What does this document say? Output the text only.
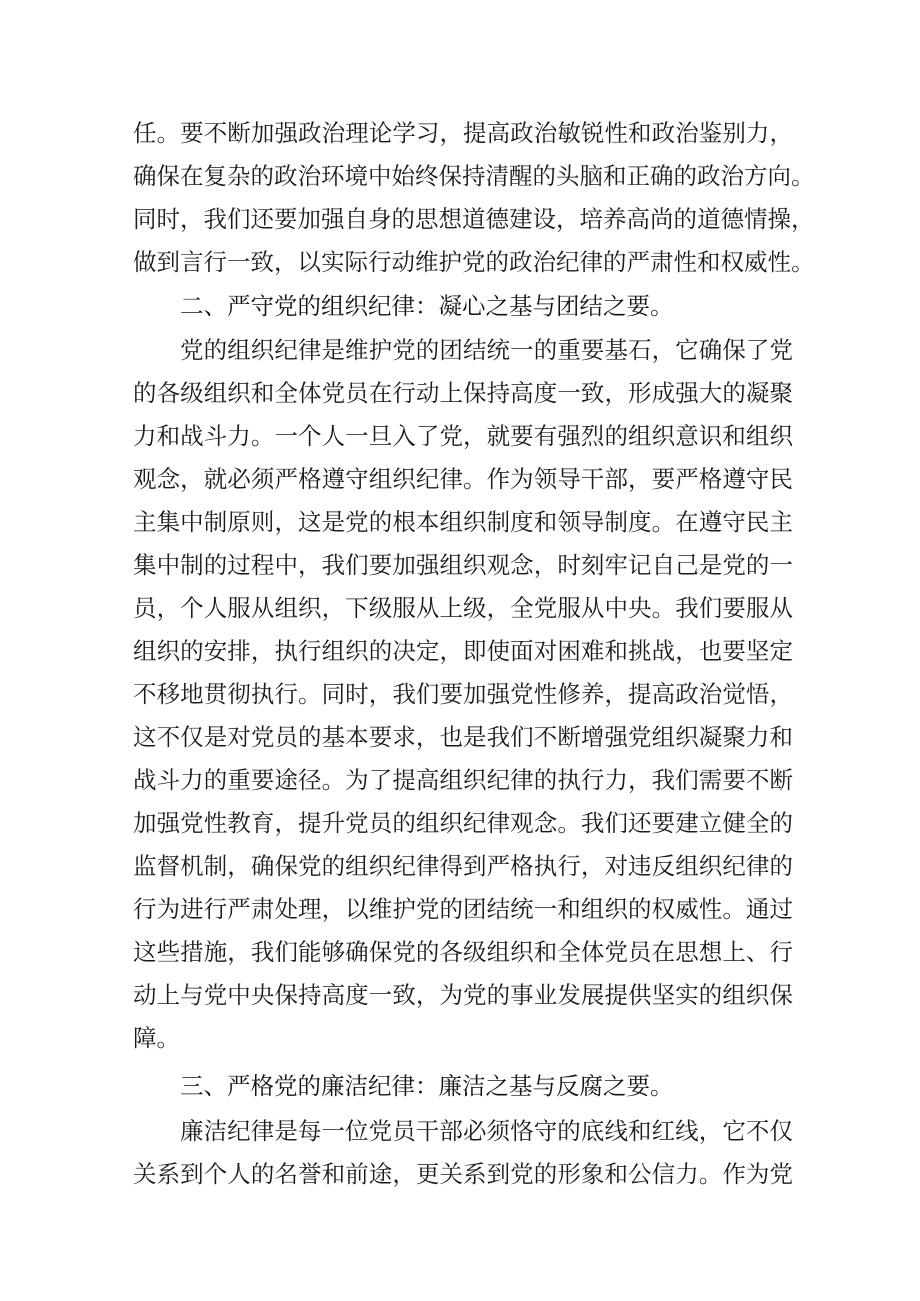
任。要不断加强政治理论学习，提高政治敏锐性和政治鉴别力，
确保在复杂的政治环境中始终保持清醒的头脑和正确的政治方向。
同时，我们还要加强自身的思想道德建设，培养高尚的道德情操，
做到言行一致，以实际行动维护党的政治纪律的严肃性和权威性。
二、严守党的组织纪律：凝心之基与团结之要。
党的组织纪律是维护党的团结统一的重要基石，它确保了党
的各级组织和全体党员在行动上保持高度一致，形成强大的凝聚
力和战斗力。一个人一旦入了党，就要有强烈的组织意识和组织
观念，就必须严格遵守组织纪律。作为领导干部，要严格遵守民
主集中制原则，这是党的根本组织制度和领导制度。在遵守民主
集中制的过程中，我们要加强组织观念，时刻牢记自己是党的一
员，个人服从组织，下级服从上级，全党服从中央。我们要服从
组织的安排，执行组织的决定，即使面对困难和挑战，也要坚定
不移地贯彻执行。同时，我们要加强党性修养，提高政治觉悟，
这不仅是对党员的基本要求，也是我们不断增强党组织凝聚力和
战斗力的重要途径。为了提高组织纪律的执行力，我们需要不断
加强党性教育，提升党员的组织纪律观念。我们还要建立健全的
监督机制，确保党的组织纪律得到严格执行，对违反组织纪律的
行为进行严肃处理，以维护党的团结统一和组织的权威性。通过
这些措施，我们能够确保党的各级组织和全体党员在思想上、行
动上与党中央保持高度一致，为党的事业发展提供坚实的组织保
障。
三、严格党的廉洁纪律：廉洁之基与反腐之要。
廉洁纪律是每一位党员干部必须恪守的底线和红线，它不仅
关系到个人的名誉和前途，更关系到党的形象和公信力。作为党
